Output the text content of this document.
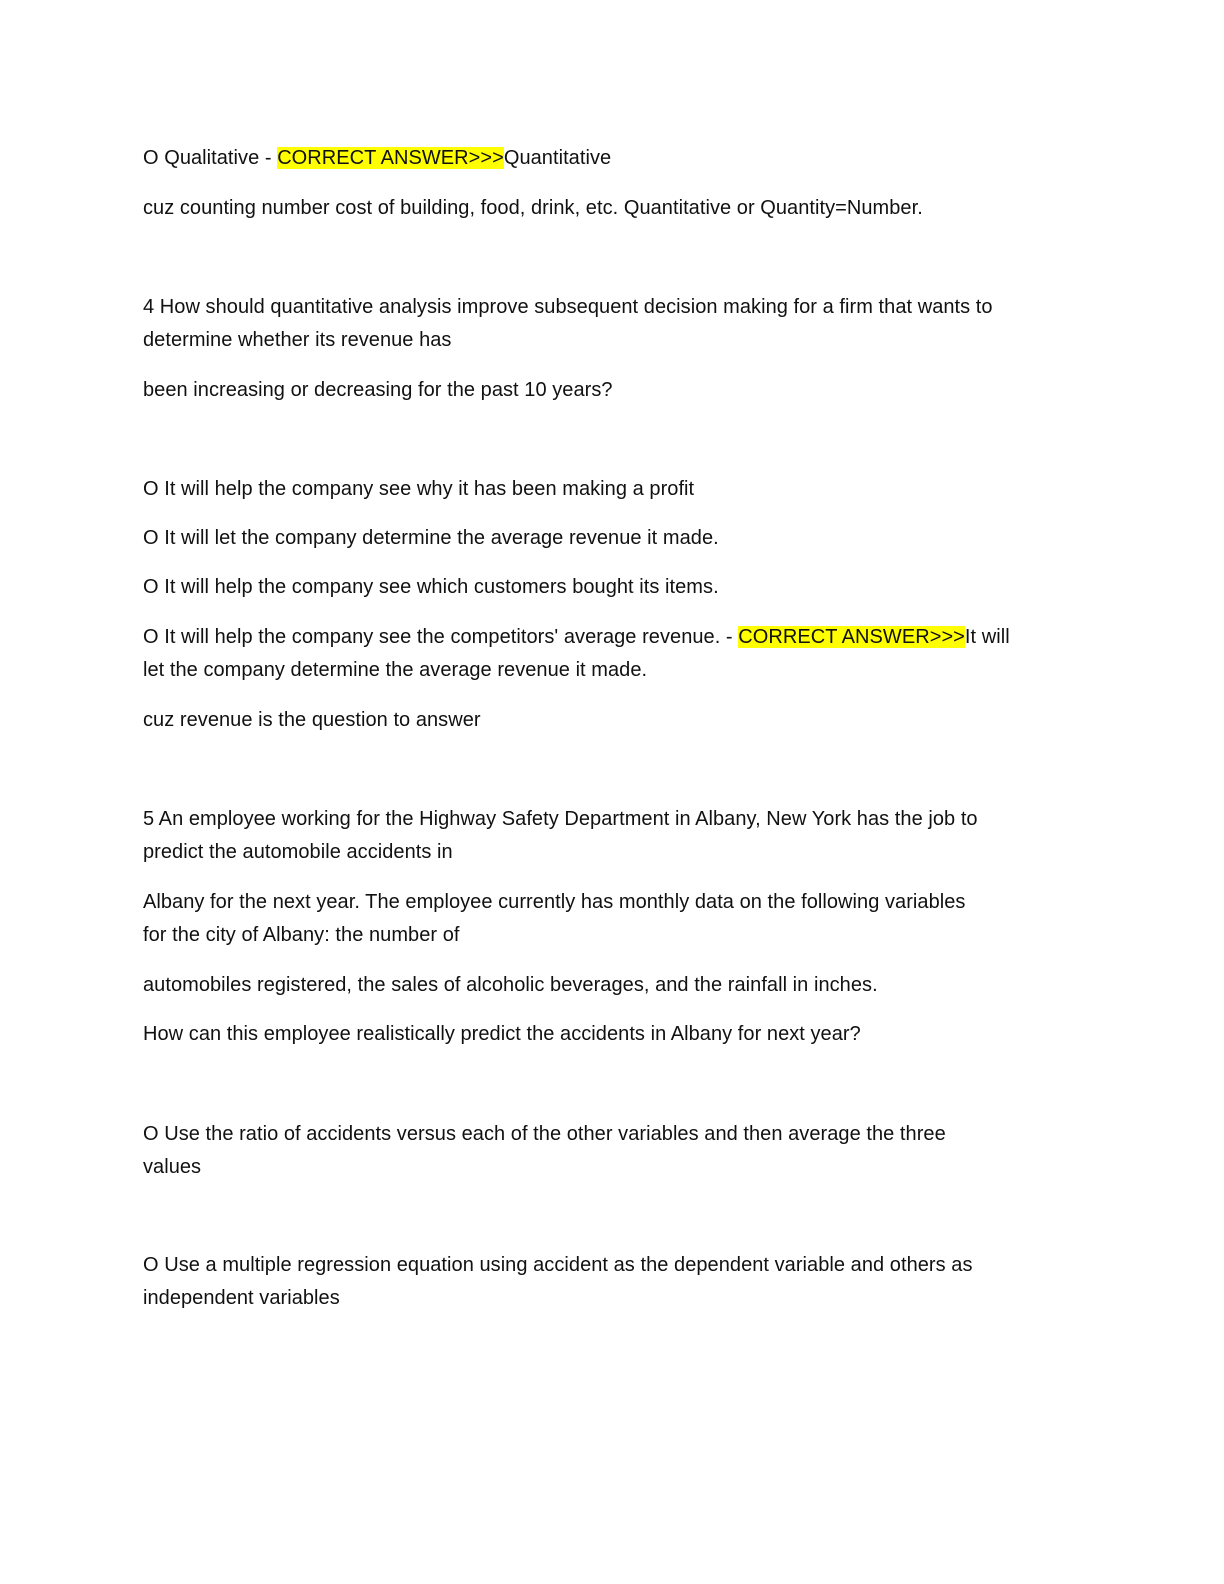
O Qualitative - CORRECT ANSWER>>>Quantitative
cuz counting number cost of building, food, drink, etc. Quantitative or Quantity=Number.
4 How should quantitative analysis improve subsequent decision making for a firm that wants to
determine whether its revenue has
been increasing or decreasing for the past 10 years?
O It will help the company see why it has been making a profit
O It will let the company determine the average revenue it made.
O It will help the company see which customers bought its items.
O It will help the company see the competitors' average revenue. - CORRECT ANSWER>>>It will
let the company determine the average revenue it made.
cuz revenue is the question to answer
5 An employee working for the Highway Safety Department in Albany, New York has the job to
predict the automobile accidents in
Albany for the next year. The employee currently has monthly data on the following variables
for the city of Albany: the number of
automobiles registered, the sales of alcoholic beverages, and the rainfall in inches.
How can this employee realistically predict the accidents in Albany for next year?
O Use the ratio of accidents versus each of the other variables and then average the three
values
O Use a multiple regression equation using accident as the dependent variable and others as
independent variables
